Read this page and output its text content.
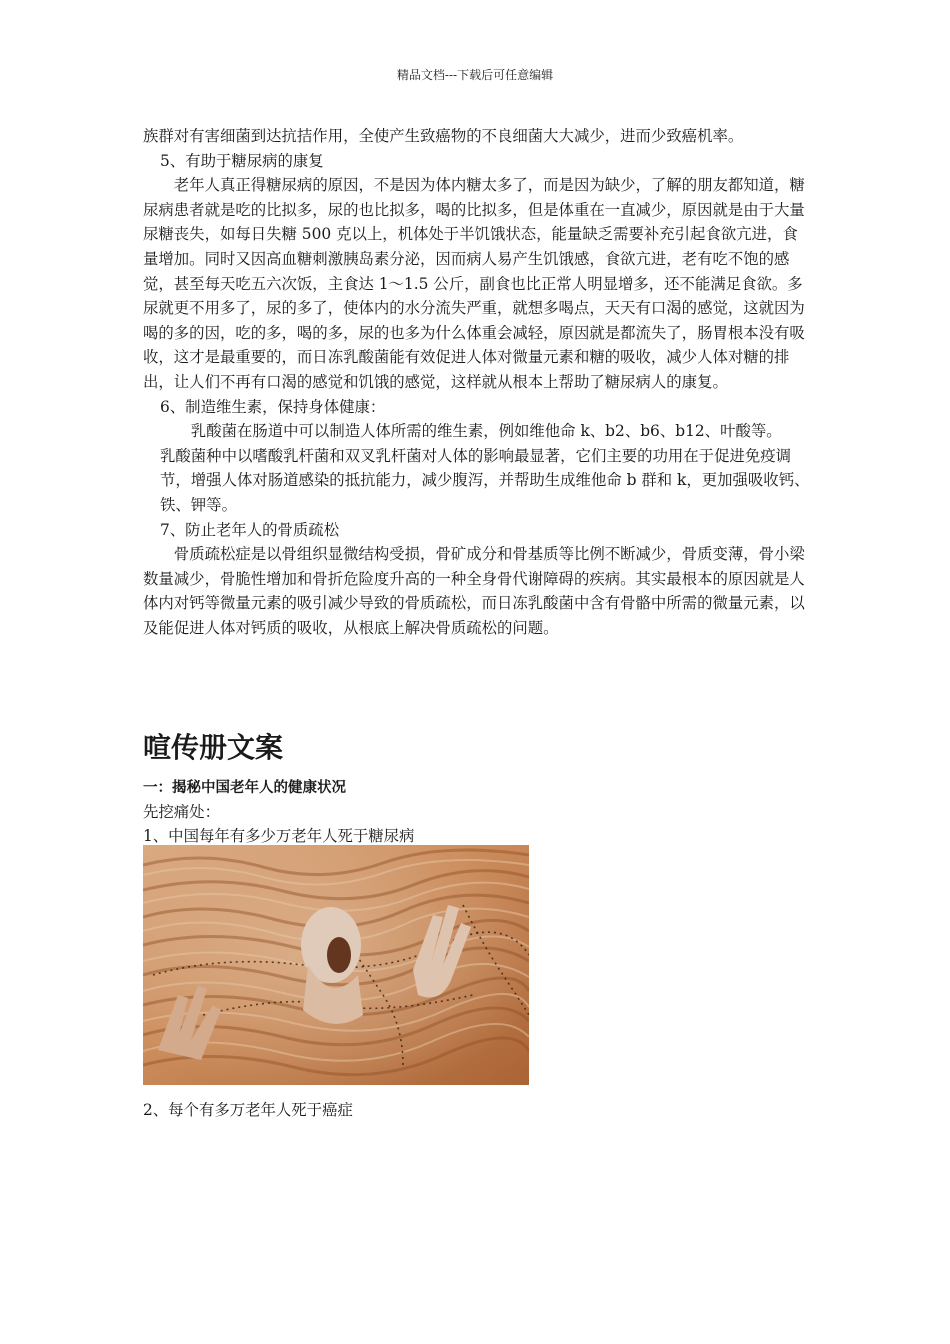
精品文档---下载后可任意编辑

族群对有害细菌到达抗拮作用，全使产生致癌物的不良细菌大大减少，进而少致癌机率。

5、有助于糖尿病的康复

老年人真正得糖尿病的原因，不是因为体内糖太多了，而是因为缺少，了解的朋友都知道，糖尿病患者就是吃的比拟多，尿的也比拟多，喝的比拟多，但是体重在一直减少，原因就是由于大量尿糖丧失，如每日失糖 500 克以上，机体处于半饥饿状态，能量缺乏需要补充引起食欲亢进，食量增加。同时又因高血糖刺激胰岛素分泌，因而病人易产生饥饿感，食欲亢进，老有吃不饱的感觉，甚至每天吃五六次饭，主食达 1～1.5 公斤，副食也比正常人明显增多，还不能满足食欲。多尿就更不用多了，尿的多了，使体内的水分流失严重，就想多喝点，天天有口渴的感觉，这就因为喝的多的因，吃的多，喝的多，尿的也多为什么体重会减轻，原因就是都流失了，肠胃根本没有吸收，这才是最重要的，而日冻乳酸菌能有效促进人体对微量元素和糖的吸收，减少人体对糖的排出，让人们不再有口渴的感觉和饥饿的感觉，这样就从根本上帮助了糖尿病人的康复。

6、制造维生素，保持身体健康：

乳酸菌在肠道中可以制造人体所需的维生素，例如维他命 k、b2、b6、b12、叶酸等。

乳酸菌种中以嗜酸乳杆菌和双叉乳杆菌对人体的影响最显著，它们主要的功用在于促进免疫调节，增强人体对肠道感染的抵抗能力，减少腹泻，并帮助生成维他命 b 群和 k，更加强吸收钙、铁、钾等。

7、防止老年人的骨质疏松

骨质疏松症是以骨组织显微结构受损，骨矿成分和骨基质等比例不断减少，骨质变薄，骨小梁数量减少，骨脆性增加和骨折危险度升高的一种全身骨代谢障碍的疾病。其实最根本的原因就是人体内对钙等微量元素的吸引减少导致的骨质疏松，而日冻乳酸菌中含有骨骼中所需的微量元素，以及能促进人体对钙质的吸收，从根底上解决骨质疏松的问题。

喧传册文案

一：揭秘中国老年人的健康状况

先挖痛处：

1、中国每年有多少万老年人死于糖尿病

2、每个有多万老年人死于癌症
